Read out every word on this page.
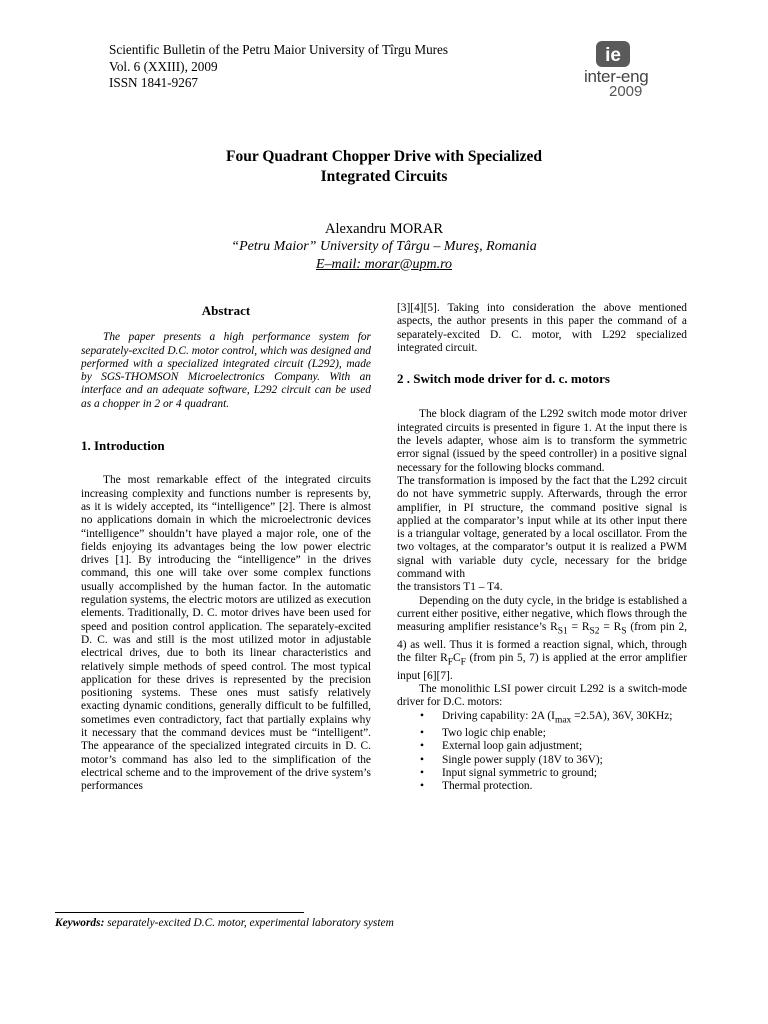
Scientific Bulletin of the Petru Maior University of Tîrgu Mures
Vol. 6 (XXIII), 2009
ISSN 1841-9267
ie
inter-eng
2009
Four Quadrant Chopper Drive with Specialized
Integrated Circuits
Alexandru MORAR
“Petru Maior” University of Târgu – Mureş, Romania
E–mail: morar@upm.ro
Abstract

The paper presents a high performance system for separately-excited D.C. motor control, which was designed and performed with a specialized integrated circuit (L292), made by SGS-THOMSON Microelectronics Company. With an interface and an adequate software, L292 circuit can be used as a chopper in 2 or 4 quadrant.

1. Introduction

The most remarkable effect of the integrated circuits increasing complexity and functions number is represents by, as it is widely accepted, its “intelligence” [2]. There is almost no applications domain in which the microelectronic devices “intelligence” shouldn’t have played a major role, one of the fields enjoying its advantages being the low power electric drives [1]. By introducing the “intelligence” in the drives command, this one will take over some complex functions usually accomplished by the human factor. In the automatic regulation systems, the electric motors are utilized as execution elements. Traditionally, D. C. motor drives have been used for speed and position control application. The separately-excited D. C. was and still is the most utilized motor in adjustable electrical drives, due to both its linear characteristics and relatively simple methods of speed control. The most typical application for these drives is represented by the precision positioning systems. These ones must satisfy relatively exacting dynamic conditions, generally difficult to be fulfilled, sometimes even contradictory, fact that partially explains why it necessary that the command devices must be “intelligent”. The appearance of the specialized integrated circuits in D. C. motor’s command has also led to the simplification of the electrical scheme and to the improvement of the drive system’s performances

[3][4][5]. Taking into consideration the above mentioned aspects, the author presents in this paper the command of a separately-excited D. C. motor, with L292 specialized integrated circuit.

2 . Switch mode driver for d. c. motors

The block diagram of the L292 switch mode motor driver integrated circuits is presented in figure 1. At the input there is the levels adapter, whose aim is to transform the symmetric error signal (issued by the speed controller) in a positive signal necessary for the following blocks command.

The transformation is imposed by the fact that the L292 circuit do not have symmetric supply. Afterwards, through the error amplifier, in PI structure, the command positive signal is applied at the comparator’s input while at its other input there is a triangular voltage, generated by a local oscillator. From the two voltages, at the comparator’s output it is realized a PWM signal with variable duty cycle, necessary for the bridge command with

the transistors T1 – T4.

Depending on the duty cycle, in the bridge is established a current either positive, either negative, which flows through the measuring amplifier resistance’s $R_{S1} = R_{S2} = R_S$ (from pin 2, 4) as well. Thus it is formed a reaction signal, which, through the filter $R_FC_F$ (from pin 5, 7) is applied at the error amplifier input [6][7].

The monolithic LSI power circuit L292 is a switch-mode driver for D.C. motors:

• Driving capability: 2A $(I_{max} =2.5A)$, 36V, 30KHz;
• Two logic chip enable;
• External loop gain adjustment;
• Single power supply (18V to 36V);
• Input signal symmetric to ground;
• Thermal protection.
Keywords: separately-excited D.C. motor, experimental laboratory system
